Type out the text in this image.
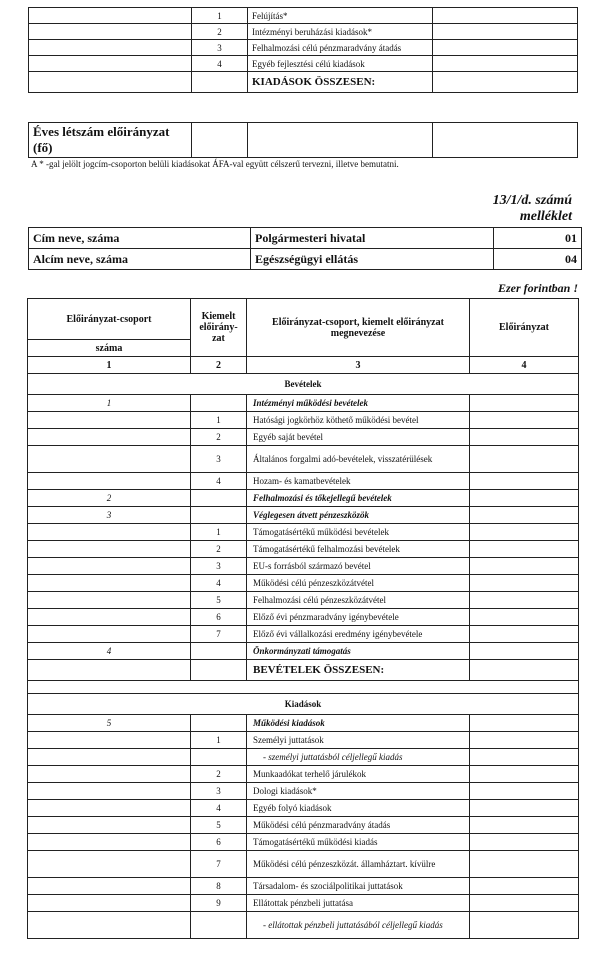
	1	Felújítás*	
	2	Intézményi beruházási kiadások*	
	3	Felhalmozási célú pénzmaradvány átadás	
	4	Egyéb fejlesztési célú kiadások	
		KIADÁSOK ÖSSZESEN:	
Éves létszám előirányzat (fő)			
A * -gal jelölt jogcím-csoporton belüli kiadásokat ÁFA-val együtt célszerű tervezni, illetve bemutatni.
13/1/d. számú
melléklet
Cím neve, száma	Polgármesteri hivatal	01
Alcím neve, száma	Egészségügyi ellátás	04
Ezer forintban !
Előirányzat-csoport	Kiemelt előirány-zat	Előirányzat-csoport, kiemelt előirányzat megnevezése	Előirányzat
száma			
1	2	3	4
Bevételek			
1		Intézményi működési bevételek	
	1	Hatósági jogkörhöz köthető működési bevétel	
	2	Egyéb saját bevétel	
	3	Általános forgalmi adó-bevételek, visszatérülések	
	4	Hozam- és kamatbevételek	
2		Felhalmozási és tőkejellegű bevételek	
3		Véglegesen átvett pénzeszközök	
	1	Támogatásértékű működési bevételek	
	2	Támogatásértékű felhalmozási bevételek	
	3	EU-s forrásból származó bevétel	
	4	Működési célú pénzeszközátvétel	
	5	Felhalmozási célú pénzeszközátvétel	
	6	Előző évi pénzmaradvány igénybevétele	
	7	Előző évi vállalkozási eredmény igénybevétele	
4		Önkormányzati támogatás	
		BEVÉTELEK ÖSSZESEN:	

Kiadások			
5		Működési kiadások	
	1	Személyi juttatások	
		- személyi juttatásból céljellegű kiadás	
	2	Munkaadókat terhelő járulékok	
	3	Dologi kiadások*	
	4	Egyéb folyó kiadások	
	5	Működési célú pénzmaradvány átadás	
	6	Támogatásértékű működési kiadás	
	7	Működési célú pénzeszközát. államháztart. kívülre	
	8	Társadalom- és szociálpolitikai juttatások	
	9	Ellátottak pénzbeli juttatása	
		- ellátottak pénzbeli juttatásából céljellegű kiadás	
